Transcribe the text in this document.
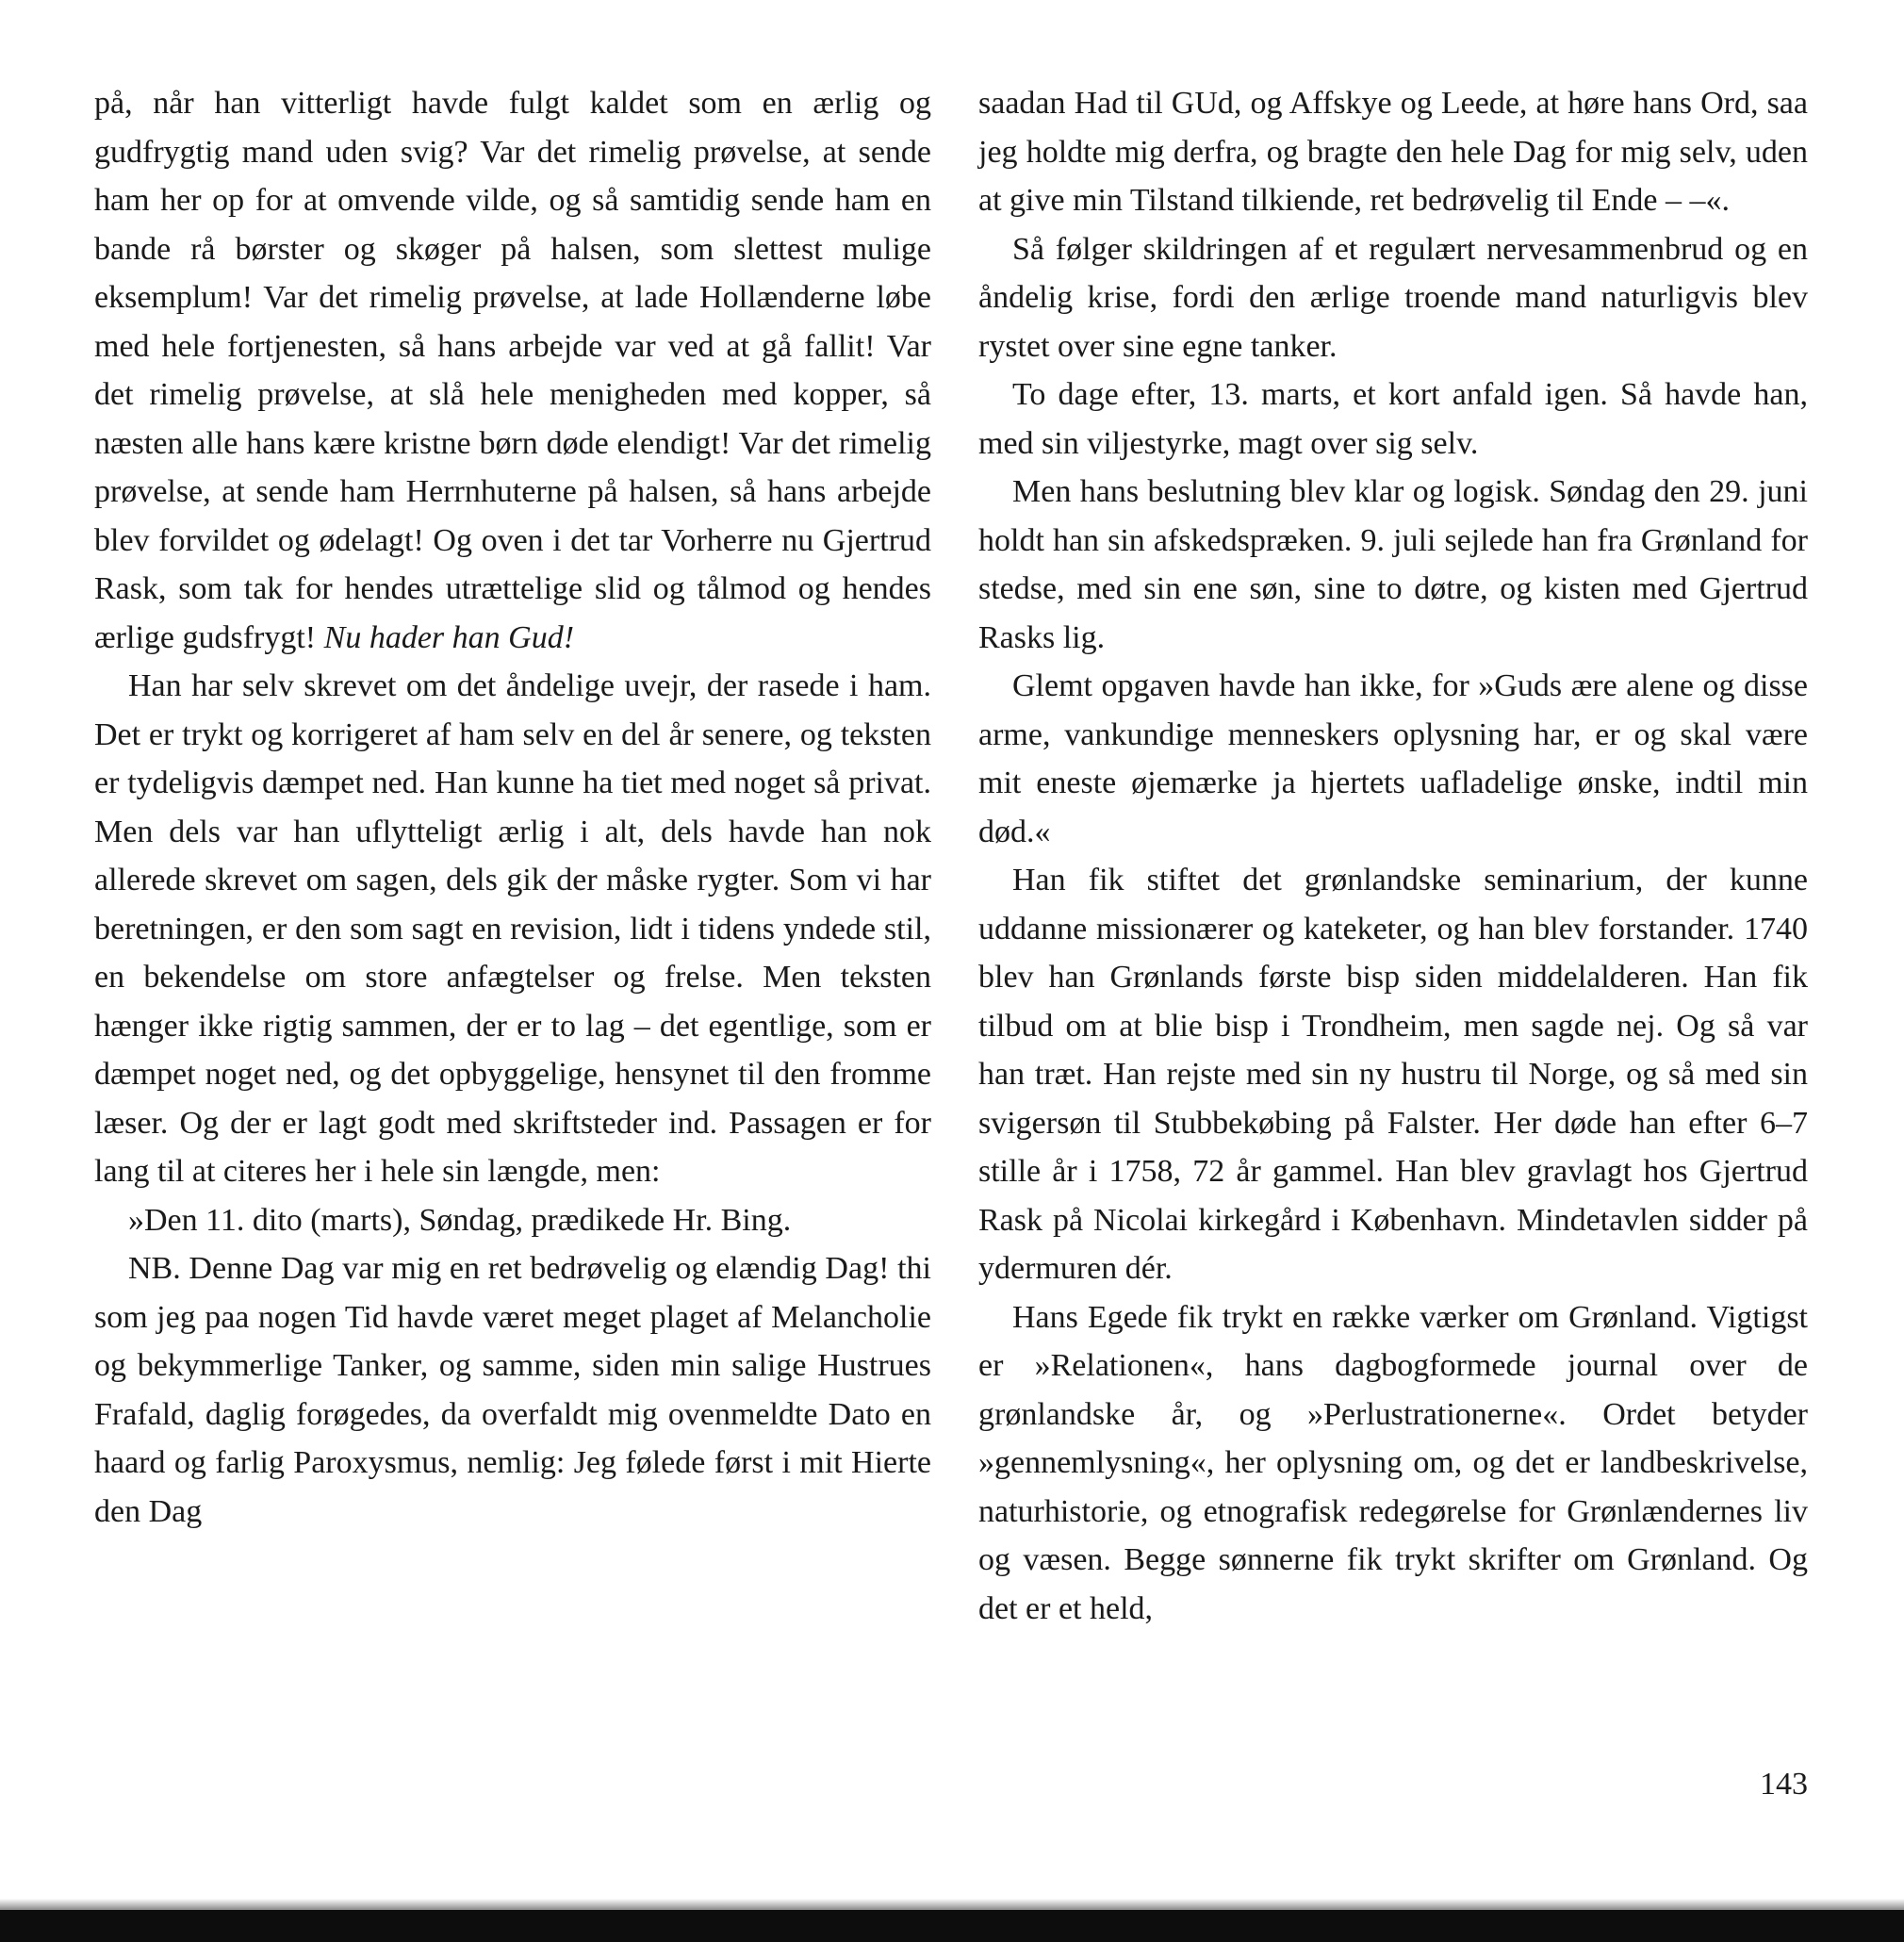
på, når han vitterligt havde fulgt kaldet som en ærlig og gudfrygtig mand uden svig? Var det rimelig prøvelse, at sende ham her op for at omvende vilde, og så samtidig sende ham en bande rå børster og skøger på halsen, som slettest mulige eksemplum! Var det rimelig prøvelse, at lade Hollænderne løbe med hele fortjenesten, så hans arbejde var ved at gå fallit! Var det rimelig prøvelse, at slå hele menigheden med kopper, så næsten alle hans kære kristne børn døde elendigt! Var det rimelig prøvelse, at sende ham Herrnhuterne på halsen, så hans arbejde blev forvildet og ødelagt! Og oven i det tar Vorherre nu Gjertrud Rask, som tak for hendes utrættelige slid og tålmod og hendes ærlige gudsfrygt! Nu hader han Gud!

Han har selv skrevet om det åndelige uvejr, der rasede i ham. Det er trykt og korrigeret af ham selv en del år senere, og teksten er tydeligvis dæmpet ned. Han kunne ha tiet med noget så privat. Men dels var han uflytteligt ærlig i alt, dels havde han nok allerede skrevet om sagen, dels gik der måske rygter. Som vi har beretningen, er den som sagt en revision, lidt i tidens yndede stil, en bekendelse om store anfægtelser og frelse. Men teksten hænger ikke rigtig sammen, der er to lag – det egentlige, som er dæmpet noget ned, og det opbyggelige, hensynet til den fromme læser. Og der er lagt godt med skriftsteder ind. Passagen er for lang til at citeres her i hele sin længde, men:

»Den 11. dito (marts), Søndag, prædikede Hr. Bing.

NB. Denne Dag var mig en ret bedrøvelig og elændig Dag! thi som jeg paa nogen Tid havde været meget plaget af Melancholie og bekymmerlige Tanker, og samme, siden min salige Hustrues Frafald, daglig forøgedes, da overfaldt mig ovenmeldte Dato en haard og farlig Paroxysmus, nemlig: Jeg følede først i mit Hierte den Dag

saadan Had til GUd, og Affskye og Leede, at høre hans Ord, saa jeg holdte mig derfra, og bragte den hele Dag for mig selv, uden at give min Tilstand tilkiende, ret bedrøvelig til Ende – –«.

Så følger skildringen af et regulært nervesammenbrud og en åndelig krise, fordi den ærlige troende mand naturligvis blev rystet over sine egne tanker.

To dage efter, 13. marts, et kort anfald igen. Så havde han, med sin viljestyrke, magt over sig selv.

Men hans beslutning blev klar og logisk. Søndag den 29. juni holdt han sin afskedspræken. 9. juli sejlede han fra Grønland for stedse, med sin ene søn, sine to døtre, og kisten med Gjertrud Rasks lig.

Glemt opgaven havde han ikke, for »Guds ære alene og disse arme, vankundige menneskers oplysning har, er og skal være mit eneste øjemærke ja hjertets uafladelige ønske, indtil min død.«

Han fik stiftet det grønlandske seminarium, der kunne uddanne missionærer og kateketer, og han blev forstander. 1740 blev han Grønlands første bisp siden middelalderen. Han fik tilbud om at blie bisp i Trondheim, men sagde nej. Og så var han træt. Han rejste med sin ny hustru til Norge, og så med sin svigersøn til Stubbekøbing på Falster. Her døde han efter 6–7 stille år i 1758, 72 år gammel. Han blev gravlagt hos Gjertrud Rask på Nicolai kirkegård i København. Mindetavlen sidder på ydermuren dér.

Hans Egede fik trykt en række værker om Grønland. Vigtigst er »Relationen«, hans dagbogformede journal over de grønlandske år, og »Perlustrationerne«. Ordet betyder »gennemlysning«, her oplysning om, og det er landbeskrivelse, naturhistorie, og etnografisk redegørelse for Grønlændernes liv og væsen. Begge sønnerne fik trykt skrifter om Grønland. Og det er et held,

143
